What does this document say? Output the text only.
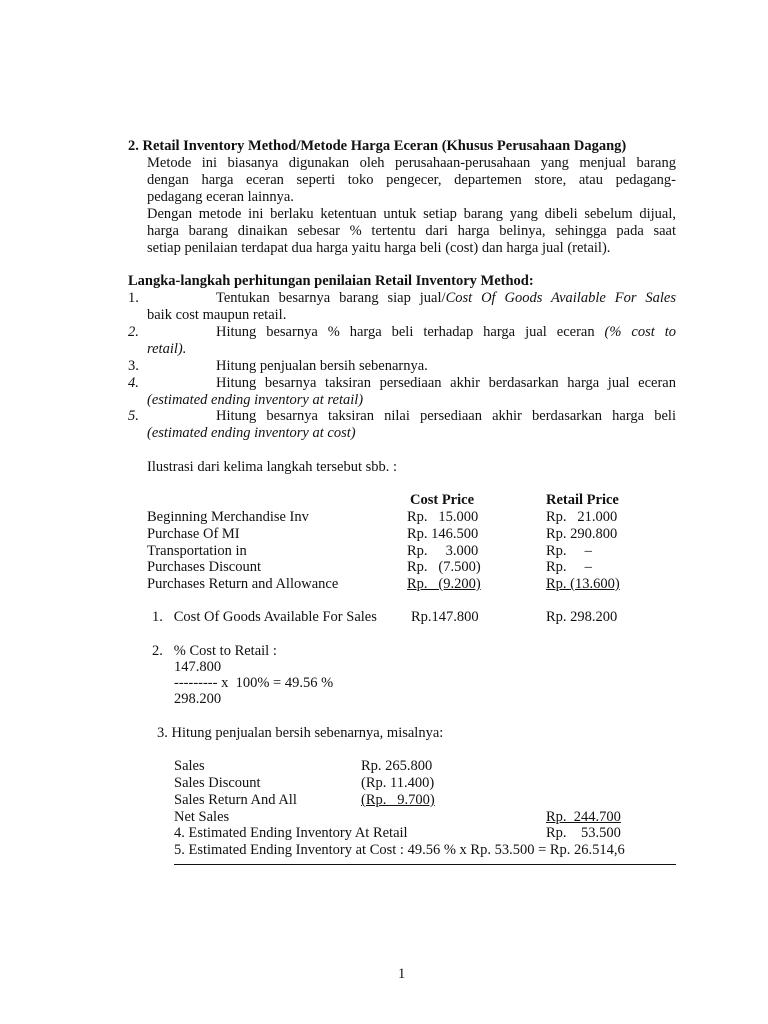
2. Retail Inventory Method/Metode Harga Eceran (Khusus Perusahaan Dagang)
Metode ini biasanya digunakan oleh perusahaan-perusahaan yang menjual barang
dengan harga eceran seperti toko pengecer, departemen store, atau pedagang-
pedagang eceran lainnya.
Dengan metode ini berlaku ketentuan untuk setiap barang yang dibeli sebelum dijual,
harga barang dinaikan sebesar % tertentu dari harga belinya, sehingga pada saat
setiap penilaian terdapat dua harga yaitu harga beli (cost) dan harga jual (retail).
Langka-langkah perhitungan penilaian Retail Inventory Method:
1.	Tentukan besarnya barang siap jual/Cost Of Goods Available For Sales
baik cost maupun retail.
2.	Hitung besarnya % harga beli terhadap harga jual eceran (% cost to
retail).
3.	Hitung penjualan bersih sebenarnya.
4.	Hitung besarnya taksiran persediaan akhir berdasarkan harga jual eceran
(estimated ending inventory at retail)
5.	Hitung besarnya taksiran nilai persediaan akhir berdasarkan harga beli
(estimated ending inventory at cost)
Ilustrasi dari kelima langkah tersebut sbb. :
Cost Price	Retail Price
Beginning Merchandise Inv	Rp.   15.000	Rp.   21.000
Purchase Of MI	Rp. 146.500	Rp. 290.800
Transportation in	Rp.     3.000	Rp.     –
Purchases Discount	Rp.   (7.500)	Rp.     –
Purchases Return and Allowance	Rp.   (9.200)	Rp. (13.600)
1.   Cost Of Goods Available For Sales Rp.147.800	Rp. 298.200
2.   % Cost to Retail :
147.800
--------- x  100% = 49.56 %
298.200
3. Hitung penjualan bersih sebenarnya, misalnya:
Sales	Rp. 265.800
Sales Discount	(Rp. 11.400)
Sales Return And All	(Rp.   9.700)
Net Sales	Rp.  244.700
4. Estimated Ending Inventory At Retail	Rp.    53.500
5. Estimated Ending Inventory at Cost : 49.56 % x Rp. 53.500 = Rp. 26.514,6
1
